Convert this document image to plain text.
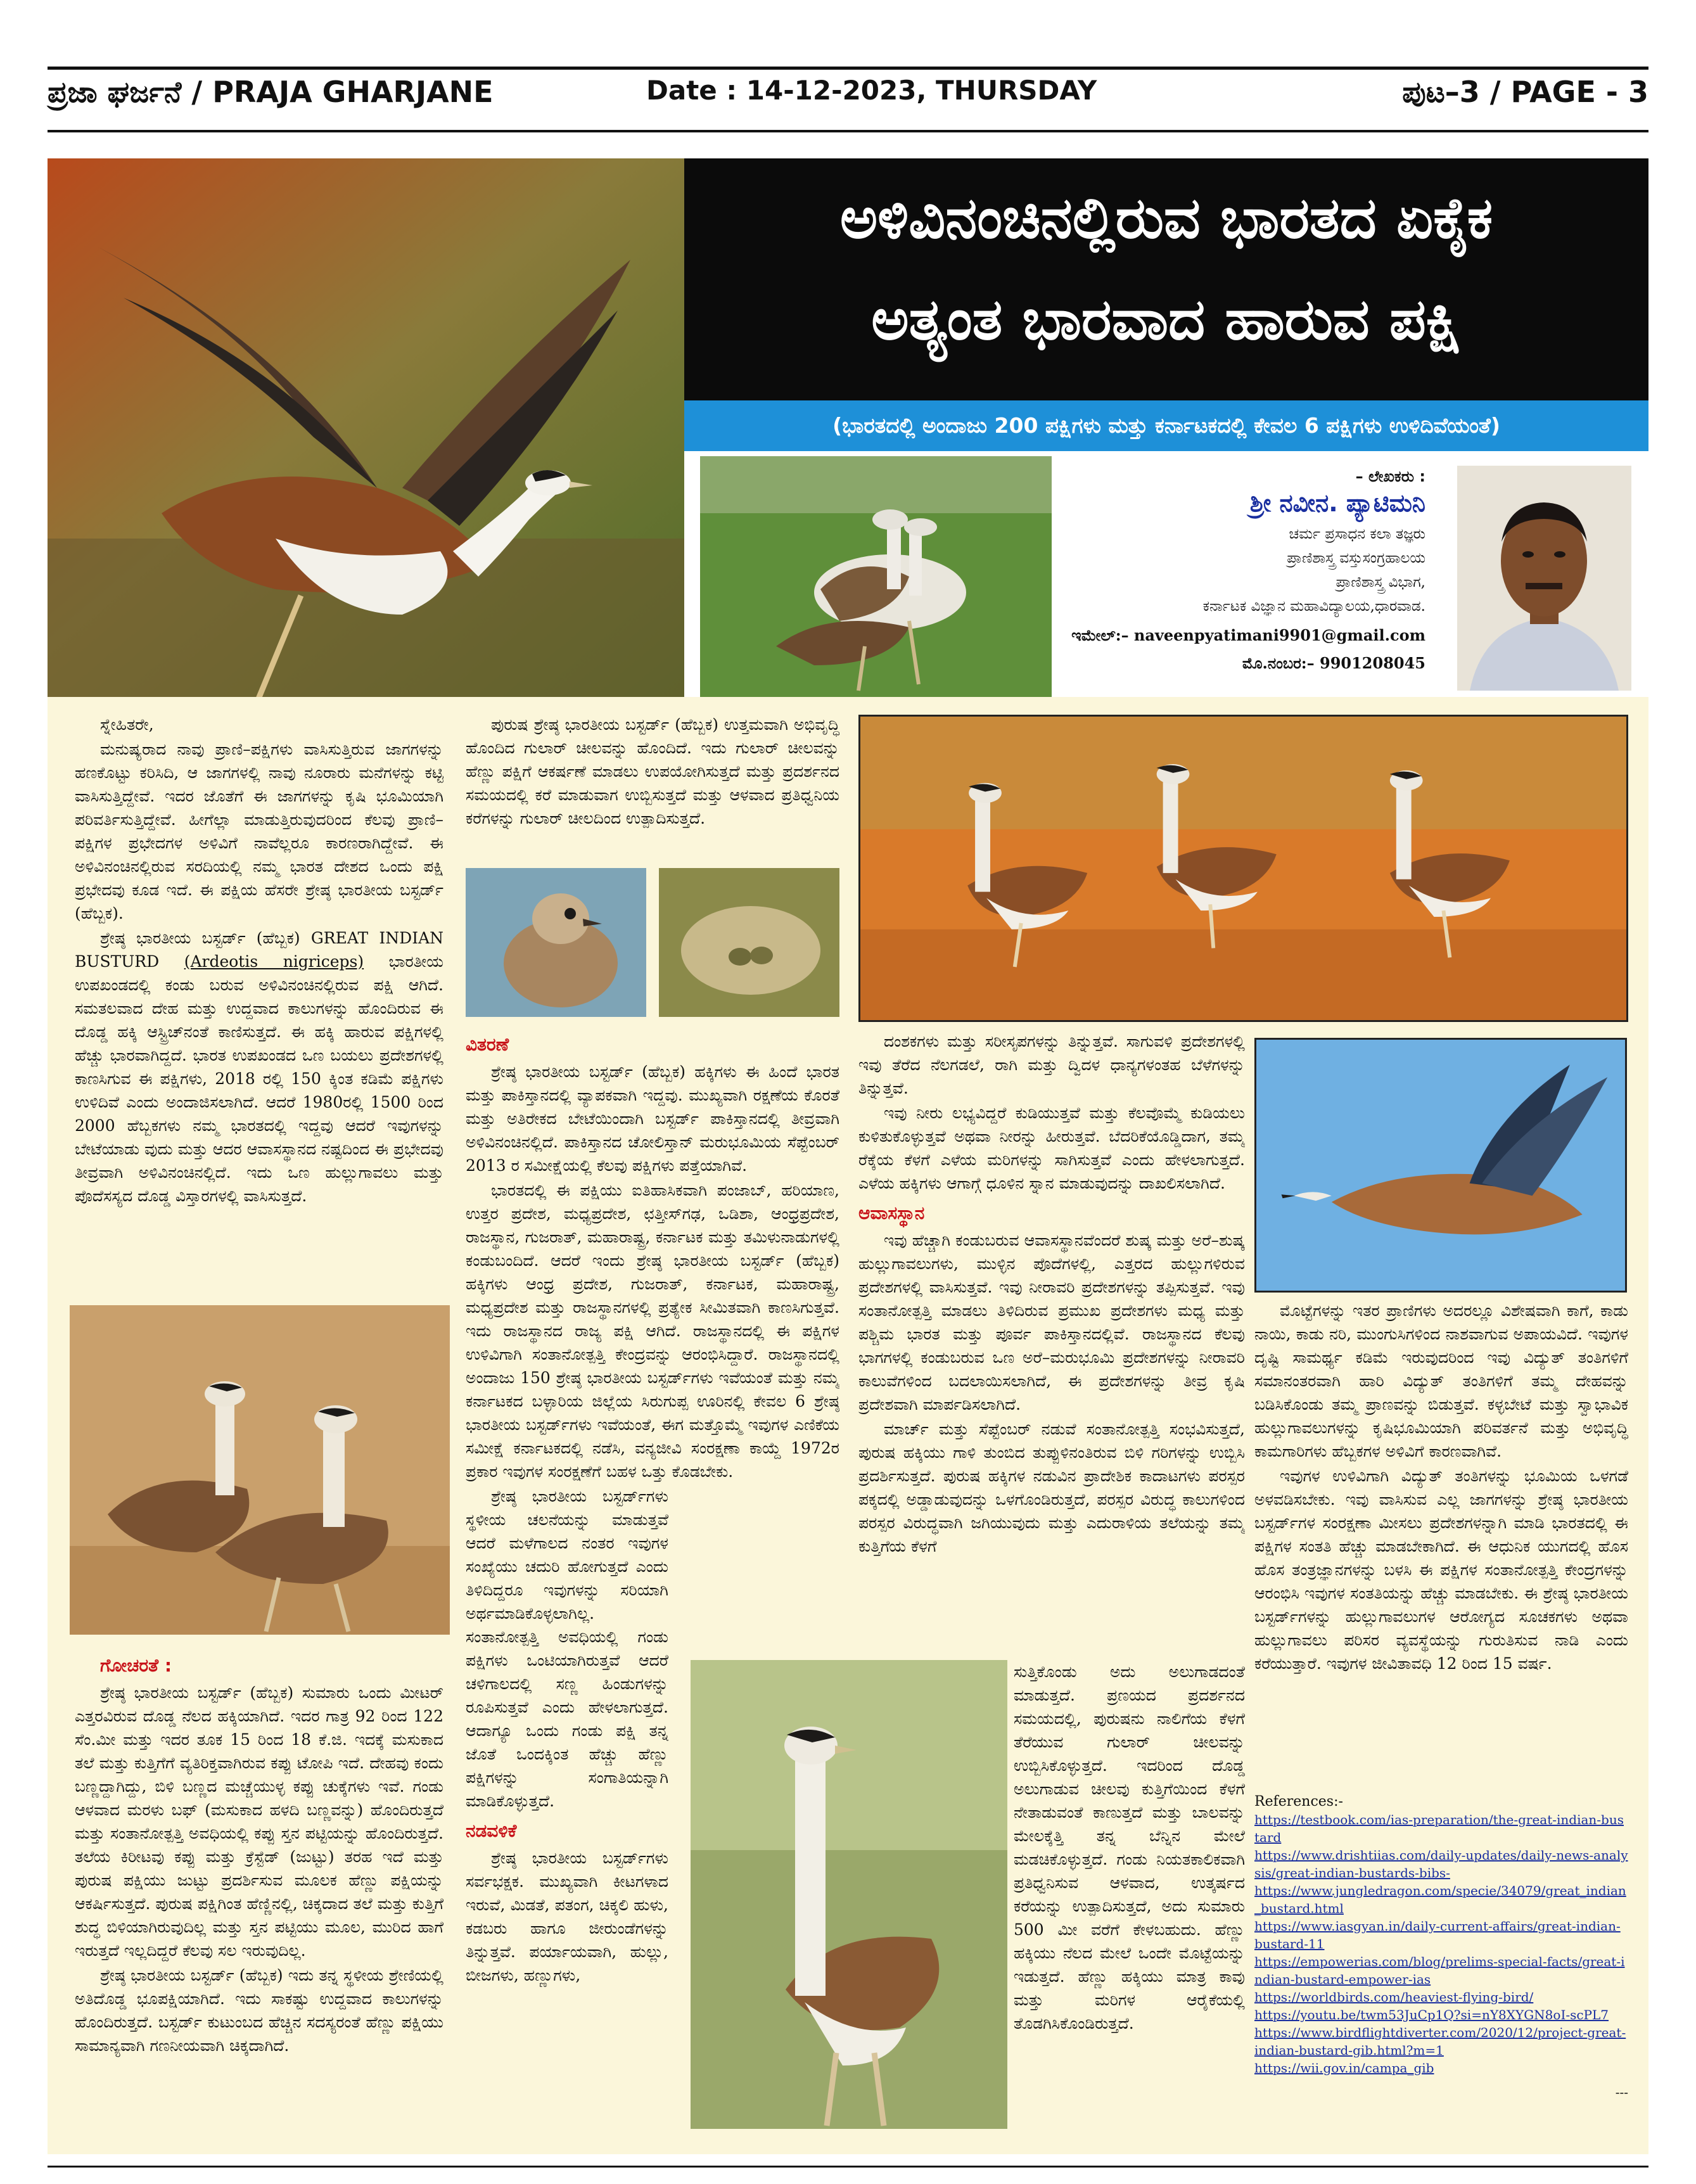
ಪ್ರಜಾ ಘರ್ಜನೆ / PRAJA GHARJANE	Date : 14-12-2023, THURSDAY	ಪುಟ–3 / PAGE - 3
ಅಳಿವಿನಂಚಿನಲ್ಲಿರುವ ಭಾರತದ ಏಕೈಕ
ಅತ್ಯಂತ ಭಾರವಾದ ಹಾರುವ ಪಕ್ಷಿ
(ಭಾರತದಲ್ಲಿ ಅಂದಾಜು 200 ಪಕ್ಷಿಗಳು ಮತ್ತು ಕರ್ನಾಟಕದಲ್ಲಿ ಕೇವಲ 6 ಪಕ್ಷಿಗಳು ಉಳಿದಿವೆಯಂತೆ)
– ಲೇಖಕರು :
ಶ್ರೀ ನವೀನ. ಪ್ಯಾಟಿಮನಿ
ಚರ್ಮ ಪ್ರಸಾಧನ ಕಲಾ ತಜ್ಞರು
ಪ್ರಾಣಿಶಾಸ್ತ್ರ ವಸ್ತುಸಂಗ್ರಹಾಲಯ
ಪ್ರಾಣಿಶಾಸ್ತ್ರ ವಿಭಾಗ,
ಕರ್ನಾಟಕ ವಿಜ್ಞಾನ ಮಹಾವಿದ್ಯಾಲಯ,ಧಾರವಾಡ.
ಇಮೇಲ್:– naveenpyatimani9901@gmail.com
ಮೊ.ನಂಬರ:– 9901208045

ಸ್ನೇಹಿತರೇ,

ಮನುಷ್ಯರಾದ ನಾವು ಪ್ರಾಣಿ–ಪಕ್ಷಿಗಳು ವಾಸಿಸುತ್ತಿರುವ ಜಾಗಗಳನ್ನು ಹಣಕೊಟ್ಟು ಕರಿಸಿದಿ, ಆ ಜಾಗಗಳಲ್ಲಿ ನಾವು ನೂರಾರು ಮನೆಗಳನ್ನು ಕಟ್ಟಿ ವಾಸಿಸುತ್ತಿದ್ದೇವೆ. ಇದರ ಜೊತೆಗೆ ಈ ಜಾಗಗಳನ್ನು ಕೃಷಿ ಭೂಮಿಯಾಗಿ ಪರಿವರ್ತಿಸುತ್ತಿದ್ದೇವೆ. ಹೀಗೆಲ್ಲಾ ಮಾಡುತ್ತಿರುವುದರಿಂದ ಕೆಲವು ಪ್ರಾಣಿ–ಪಕ್ಷಿಗಳ ಪ್ರಭೇದಗಳ ಅಳಿವಿಗೆ ನಾವೆಲ್ಲರೂ ಕಾರಣರಾಗಿದ್ದೇವೆ. ಈ ಅಳಿವಿನಂಚಿನಲ್ಲಿರುವ ಸರದಿಯಲ್ಲಿ ನಮ್ಮ ಭಾರತ ದೇಶದ ಒಂದು ಪಕ್ಷಿ ಪ್ರಭೇದವು ಕೂಡ ಇದೆ. ಈ ಪಕ್ಷಿಯ ಹೆಸರೇ ಶ್ರೇಷ್ಠ ಭಾರತೀಯ ಬಸ್ಟರ್ಡ್ (ಹೆಬ್ಬಕ).

ಶ್ರೇಷ್ಠ ಭಾರತೀಯ ಬಸ್ಟರ್ಡ್ (ಹೆಬ್ಬಕ) GREAT INDIAN BUSTURD (Ardeotis nigriceps) ಭಾರತೀಯ ಉಪಖಂಡದಲ್ಲಿ ಕಂಡು ಬರುವ ಅಳಿವಿನಂಚಿನಲ್ಲಿರುವ ಪಕ್ಷಿ ಆಗಿದೆ. ಸಮತಲವಾದ ದೇಹ ಮತ್ತು ಉದ್ದವಾದ ಕಾಲುಗಳನ್ನು ಹೊಂದಿರುವ ಈ ದೊಡ್ಡ ಹಕ್ಕಿ ಆಸ್ಟ್ರಿಚ್‌ನಂತೆ ಕಾಣಿಸುತ್ತದೆ. ಈ ಹಕ್ಕಿ ಹಾರುವ ಪಕ್ಷಿಗಳಲ್ಲಿ ಹೆಚ್ಚು ಭಾರವಾಗಿದ್ದದೆ. ಭಾರತ ಉಪಖಂಡದ ಒಣ ಬಯಲು ಪ್ರದೇಶಗಳಲ್ಲಿ ಕಾಣಸಿಗುವ ಈ ಪಕ್ಷಿಗಳು, 2018 ರಲ್ಲಿ 150 ಕ್ಕಿಂತ ಕಡಿಮೆ ಪಕ್ಷಿಗಳು ಉಳಿದಿವೆ ಎಂದು ಅಂದಾಜಿಸಲಾಗಿದೆ. ಆದರೆ 1980ರಲ್ಲಿ 1500 ರಿಂದ 2000 ಹೆಬ್ಬಕಗಳು ನಮ್ಮ ಭಾರತದಲ್ಲಿ ಇದ್ದವು ಆದರೆ ಇವುಗಳನ್ನು ಬೇಟೆಯಾಡು ವುದು ಮತ್ತು ಆದರ ಆವಾಸಸ್ಥಾನದ ನಷ್ಟದಿಂದ ಈ ಪ್ರಭೇದವು ತೀವ್ರವಾಗಿ ಅಳಿವಿನಂಚಿನಲ್ಲಿದೆ. ಇದು ಒಣ ಹುಲ್ಲುಗಾವಲು ಮತ್ತು ಪೊದೆಸಸ್ಯದ ದೊಡ್ಡ ವಿಸ್ತಾರಗಳಲ್ಲಿ ವಾಸಿಸುತ್ತದೆ.

ಗೋಚರತೆ :

ಶ್ರೇಷ್ಠ ಭಾರತೀಯ ಬಸ್ಟರ್ಡ್ (ಹೆಬ್ಬಕ) ಸುಮಾರು ಒಂದು ಮೀಟರ್ ಎತ್ತರವಿರುವ ದೊಡ್ಡ ನೆಲದ ಹಕ್ಕಿಯಾಗಿದೆ. ಇದರ ಗಾತ್ರ 92 ರಿಂದ 122 ಸೆಂ.ಮೀ ಮತ್ತು ಇದರ ತೂಕ 15 ರಿಂದ 18 ಕೆ.ಜಿ. ಇದಕ್ಕೆ ಮಸುಕಾದ ತಲೆ ಮತ್ತು ಕುತ್ತಿಗೆಗೆ ವ್ಯತಿರಿಕ್ತವಾಗಿರುವ ಕಪ್ಪು ಟೋಪಿ ಇದೆ. ದೇಹವು ಕಂದು ಬಣ್ಣದ್ದಾಗಿದ್ದು, ಬಿಳಿ ಬಣ್ಣದ ಮಚ್ಚೆಯುಳ್ಳ ಕಪ್ಪು ಚುಕ್ಕೆಗಳು ಇವೆ. ಗಂಡು ಆಳವಾದ ಮರಳು ಬಫ್ (ಮಸುಕಾದ ಹಳದಿ ಬಣ್ಣವನ್ನು) ಹೊಂದಿರುತ್ತದೆ ಮತ್ತು ಸಂತಾನೋತ್ಪತ್ತಿ ಅವಧಿಯಲ್ಲಿ ಕಪ್ಪು ಸ್ತನ ಪಟ್ಟಿಯನ್ನು ಹೊಂದಿರುತ್ತದೆ. ತಲೆಯ ಕಿರೀಟವು ಕಪ್ಪು ಮತ್ತು ಕ್ರೆಸ್ಟೆಡ್ (ಜುಟ್ಟು) ತರಹ ಇದೆ ಮತ್ತು ಪುರುಷ ಪಕ್ಷಿಯು ಜುಟ್ಟು ಪ್ರದರ್ಶಿಸುವ ಮೂಲಕ ಹೆಣ್ಣು ಪಕ್ಷಿಯನ್ನು ಆಕರ್ಷಿಸುತ್ತದೆ. ಪುರುಷ ಪಕ್ಷಿಗಿಂತ ಹೆಣ್ಣಿನಲ್ಲಿ, ಚಿಕ್ಕದಾದ ತಲೆ ಮತ್ತು ಕುತ್ತಿಗೆ ಶುದ್ಧ ಬಿಳಿಯಾಗಿರುವುದಿಲ್ಲ ಮತ್ತು ಸ್ತನ ಪಟ್ಟಿಯು ಮೂಲ, ಮುರಿದ ಹಾಗೆ ಇರುತ್ತದೆ ಇಲ್ಲದಿದ್ದರೆ ಕೆಲವು ಸಲ ಇರುವುದಿಲ್ಲ.

ಶ್ರೇಷ್ಠ ಭಾರತೀಯ ಬಸ್ಟರ್ಡ್ (ಹೆಬ್ಬಕ) ಇದು ತನ್ನ ಸ್ಥಳೀಯ ಶ್ರೇಣಿಯಲ್ಲಿ ಅತಿದೊಡ್ಡ ಭೂಪಕ್ಷಿಯಾಗಿದೆ. ಇದು ಸಾಕಷ್ಟು ಉದ್ದವಾದ ಕಾಲುಗಳನ್ನು ಹೊಂದಿರುತ್ತದೆ. ಬಸ್ಟರ್ಡ್ ಕುಟುಂಬದ ಹೆಚ್ಚಿನ ಸದಸ್ಯರಂತೆ ಹೆಣ್ಣು ಪಕ್ಷಿಯು ಸಾಮಾನ್ಯವಾಗಿ ಗಣನೀಯವಾಗಿ ಚಿಕ್ಕದಾಗಿದೆ.

ಪುರುಷ ಶ್ರೇಷ್ಠ ಭಾರತೀಯ ಬಸ್ಟರ್ಡ್ (ಹೆಬ್ಬಕ) ಉತ್ತಮವಾಗಿ ಅಭಿವೃದ್ಧಿ ಹೊಂದಿದ ಗುಲಾರ್ ಚೀಲವನ್ನು ಹೊಂದಿದೆ. ಇದು ಗುಲಾರ್ ಚೀಲವನ್ನು ಹೆಣ್ಣು ಪಕ್ಷಿಗೆ ಆಕರ್ಷಣೆ ಮಾಡಲು ಉಪಯೋಗಿಸುತ್ತದೆ ಮತ್ತು ಪ್ರದರ್ಶನದ ಸಮಯದಲ್ಲಿ ಕರೆ ಮಾಡುವಾಗ ಉಬ್ಬಿಸುತ್ತದೆ ಮತ್ತು ಆಳವಾದ ಪ್ರತಿಧ್ವನಿಯ ಕರೆಗಳನ್ನು ಗುಲಾರ್ ಚೀಲದಿಂದ ಉತ್ಪಾದಿಸುತ್ತದೆ.

ವಿತರಣೆ

ಶ್ರೇಷ್ಠ ಭಾರತೀಯ ಬಸ್ಟರ್ಡ್ (ಹೆಬ್ಬಕ) ಹಕ್ಕಿಗಳು ಈ ಹಿಂದೆ ಭಾರತ ಮತ್ತು ಪಾಕಿಸ್ತಾನದಲ್ಲಿ ವ್ಯಾಪಕವಾಗಿ ಇದ್ದವು. ಮುಖ್ಯವಾಗಿ ರಕ್ಷಣೆಯ ಕೊರತೆ ಮತ್ತು ಅತಿರೇಕದ ಬೇಟೆಯಿಂದಾಗಿ ಬಸ್ಟರ್ಡ್ ಪಾಕಿಸ್ತಾನದಲ್ಲಿ ತೀವ್ರವಾಗಿ ಅಳಿವಿನಂಚಿನಲ್ಲಿದೆ. ಪಾಕಿಸ್ತಾನದ ಚೋಲಿಸ್ತಾನ್ ಮರುಭೂಮಿಯ ಸೆಪ್ಟೆಂಬರ್ 2013 ರ ಸಮೀಕ್ಷೆಯಲ್ಲಿ ಕೆಲವು ಪಕ್ಷಿಗಳು ಪತ್ತೆಯಾಗಿವೆ.

ಭಾರತದಲ್ಲಿ ಈ ಪಕ್ಷಿಯು ಐತಿಹಾಸಿಕವಾಗಿ ಪಂಜಾಬ್, ಹರಿಯಾಣ, ಉತ್ತರ ಪ್ರದೇಶ, ಮಧ್ಯಪ್ರದೇಶ, ಛತ್ತೀಸ್‌ಗಢ, ಒಡಿಶಾ, ಆಂಧ್ರಪ್ರದೇಶ, ರಾಜಸ್ಥಾನ, ಗುಜರಾತ್, ಮಹಾರಾಷ್ಟ್ರ, ಕರ್ನಾಟಕ ಮತ್ತು ತಮಿಳುನಾಡುಗಳಲ್ಲಿ ಕಂಡುಬಂದಿದೆ. ಆದರೆ ಇಂದು ಶ್ರೇಷ್ಠ ಭಾರತೀಯ ಬಸ್ಟರ್ಡ್ (ಹೆಬ್ಬಕ) ಹಕ್ಕಿಗಳು ಆಂಧ್ರ ಪ್ರದೇಶ, ಗುಜರಾತ್, ಕರ್ನಾಟಕ, ಮಹಾರಾಷ್ಟ್ರ, ಮಧ್ಯಪ್ರದೇಶ ಮತ್ತು ರಾಜಸ್ಥಾನಗಳಲ್ಲಿ ಪ್ರತ್ಯೇಕ ಸೀಮಿತವಾಗಿ ಕಾಣಸಿಗುತ್ತವೆ. ಇದು ರಾಜಸ್ಥಾನದ ರಾಜ್ಯ ಪಕ್ಷಿ ಆಗಿದೆ. ರಾಜಸ್ಥಾನದಲ್ಲಿ ಈ ಪಕ್ಷಿಗಳ ಉಳಿವಿಗಾಗಿ ಸಂತಾನೋತ್ಪತ್ತಿ ಕೇಂದ್ರವನ್ನು ಆರಂಭಿಸಿದ್ದಾರೆ. ರಾಜಸ್ಥಾನದಲ್ಲಿ ಅಂದಾಜು 150 ಶ್ರೇಷ್ಠ ಭಾರತೀಯ ಬಸ್ಟರ್ಡ್‌ಗಳು ಇವೆಯಂತೆ ಮತ್ತು ನಮ್ಮ ಕರ್ನಾಟಕದ ಬಳ್ಳಾರಿಯ ಜಿಲ್ಲೆಯ ಸಿರುಗುಪ್ಪ ಊರಿನಲ್ಲಿ ಕೇವಲ 6 ಶ್ರೇಷ್ಠ ಭಾರತೀಯ ಬಸ್ಟರ್ಡ್‌ಗಳು ಇವೆಯಂತೆ, ಈಗ ಮತ್ತೊಮ್ಮೆ ಇವುಗಳ ಎಣಿಕೆಯ ಸಮೀಕ್ಷೆ ಕರ್ನಾಟಕದಲ್ಲಿ ನಡೆಸಿ, ವನ್ಯಜೀವಿ ಸಂರಕ್ಷಣಾ ಕಾಯ್ದೆ 1972ರ ಪ್ರಕಾರ ಇವುಗಳ ಸಂರಕ್ಷಣೆಗೆ ಬಹಳ ಒತ್ತು ಕೊಡಬೇಕು.

ಶ್ರೇಷ್ಠ ಭಾರತೀಯ ಬಸ್ಟರ್ಡ್‌ಗಳು ಸ್ಥಳೀಯ ಚಲನೆಯನ್ನು ಮಾಡುತ್ತವೆ ಆದರೆ ಮಳೆಗಾಲದ ನಂತರ ಇವುಗಳ ಸಂಖ್ಯೆಯು ಚದುರಿ ಹೋಗುತ್ತದೆ ಎಂದು ತಿಳಿದಿದ್ದರೂ ಇವುಗಳನ್ನು ಸರಿಯಾಗಿ ಅರ್ಥಮಾಡಿಕೊಳ್ಳಲಾಗಿಲ್ಲ. ಸಂತಾನೋತ್ಪತ್ತಿ ಅವಧಿಯಲ್ಲಿ ಗಂಡು ಪಕ್ಷಿಗಳು ಒಂಟಿಯಾಗಿರುತ್ತವೆ ಆದರೆ ಚಳಿಗಾಲದಲ್ಲಿ ಸಣ್ಣ ಹಿಂಡುಗಳನ್ನು ರೂಪಿಸುತ್ತವೆ ಎಂದು ಹೇಳಲಾಗುತ್ತದೆ. ಆದಾಗ್ಯೂ ಒಂದು ಗಂಡು ಪಕ್ಷಿ ತನ್ನ ಜೊತೆ ಒಂದಕ್ಕಿಂತ ಹೆಚ್ಚು ಹೆಣ್ಣು ಪಕ್ಷಿಗಳನ್ನು ಸಂಗಾತಿಯನ್ನಾಗಿ ಮಾಡಿಕೊಳ್ಳುತ್ತದೆ.

ನಡವಳಿಕೆ

ಶ್ರೇಷ್ಠ ಭಾರತೀಯ ಬಸ್ಟರ್ಡ್‌ಗಳು ಸರ್ವಭಕ್ಷಕ. ಮುಖ್ಯವಾಗಿ ಕೀಟಗಳಾದ ಇರುವೆ, ಮಿಡತೆ, ಪತಂಗ, ಚಿಕ್ಕಲಿ ಹುಳು, ಕಡಬರು ಹಾಗೂ ಜೀರುಂಡೆಗಳನ್ನು ತಿನ್ನುತ್ತವೆ. ಪರ್ಯಾಯವಾಗಿ, ಹುಲ್ಲು, ಬೀಜಗಳು, ಹಣ್ಣುಗಳು,

ದಂಶಕಗಳು ಮತ್ತು ಸರೀಸೃಪಗಳನ್ನು ತಿನ್ನುತ್ತವೆ. ಸಾಗುವಳಿ ಪ್ರದೇಶಗಳಲ್ಲಿ ಇವು ತೆರೆದ ನೆಲಗಡಲೆ, ರಾಗಿ ಮತ್ತು ದ್ವಿದಳ ಧಾನ್ಯಗಳಂತಹ ಬೆಳೆಗಳನ್ನು ತಿನ್ನುತ್ತವೆ.

ಇವು ನೀರು ಲಭ್ಯವಿದ್ದರೆ ಕುಡಿಯುತ್ತವೆ ಮತ್ತು ಕೆಲವೊಮ್ಮೆ ಕುಡಿಯಲು ಕುಳಿತುಕೊಳ್ಳುತ್ತವೆ ಅಥವಾ ನೀರನ್ನು ಹೀರುತ್ತವೆ. ಬೆದರಿಕೆಯೊಡ್ಡಿದಾಗ, ತಮ್ಮ ರೆಕ್ಕೆಯ ಕೆಳಗೆ ಎಳೆಯ ಮರಿಗಳನ್ನು ಸಾಗಿಸುತ್ತವೆ ಎಂದು ಹೇಳಲಾಗುತ್ತದೆ. ಎಳೆಯ ಹಕ್ಕಿಗಳು ಆಗಾಗ್ಗೆ ಧೂಳಿನ ಸ್ನಾನ ಮಾಡುವುದನ್ನು ದಾಖಲಿಸಲಾಗಿದೆ.

ಆವಾಸಸ್ಥಾನ

ಇವು ಹೆಚ್ಚಾಗಿ ಕಂಡುಬರುವ ಆವಾಸಸ್ಥಾನವೆಂದರೆ ಶುಷ್ಕ ಮತ್ತು ಅರೆ–ಶುಷ್ಕ ಹುಲ್ಲುಗಾವಲುಗಳು, ಮುಳ್ಳಿನ ಪೊದೆಗಳಲ್ಲಿ, ಎತ್ತರದ ಹುಲ್ಲುಗಳಿರುವ ಪ್ರದೇಶಗಳಲ್ಲಿ ವಾಸಿಸುತ್ತವೆ. ಇವು ನೀರಾವರಿ ಪ್ರದೇಶಗಳನ್ನು ತಪ್ಪಿಸುತ್ತವೆ. ಇವು ಸಂತಾನೋತ್ಪತ್ತಿ ಮಾಡಲು ತಿಳಿದಿರುವ ಪ್ರಮುಖ ಪ್ರದೇಶಗಳು ಮಧ್ಯ ಮತ್ತು ಪಶ್ಚಿಮ ಭಾರತ ಮತ್ತು ಪೂರ್ವ ಪಾಕಿಸ್ತಾನದಲ್ಲಿವೆ. ರಾಜಸ್ಥಾನದ ಕೆಲವು ಭಾಗಗಳಲ್ಲಿ ಕಂಡುಬರುವ ಒಣ ಅರೆ–ಮರುಭೂಮಿ ಪ್ರದೇಶಗಳನ್ನು ನೀರಾವರಿ ಕಾಲುವೆಗಳಿಂದ ಬದಲಾಯಿಸಲಾಗಿದೆ, ಈ ಪ್ರದೇಶಗಳನ್ನು ತೀವ್ರ ಕೃಷಿ ಪ್ರದೇಶವಾಗಿ ಮಾರ್ಪಡಿಸಲಾಗಿದೆ.

ಮಾರ್ಚ್ ಮತ್ತು ಸೆಪ್ಟೆಂಬರ್ ನಡುವೆ ಸಂತಾನೋತ್ಪತ್ತಿ ಸಂಭವಿಸುತ್ತದೆ, ಪುರುಷ ಹಕ್ಕಿಯು ಗಾಳಿ ತುಂಬಿದ ತುಪ್ಪುಳಿನಂತಿರುವ ಬಿಳಿ ಗರಿಗಳನ್ನು ಉಬ್ಬಿಸಿ ಪ್ರದರ್ಶಿಸುತ್ತದೆ. ಪುರುಷ ಹಕ್ಕಿಗಳ ನಡುವಿನ ಪ್ರಾದೇಶಿಕ ಕಾದಾಟಗಳು ಪರಸ್ಪರ ಪಕ್ಕದಲ್ಲಿ ಅಡ್ಡಾಡುವುದನ್ನು ಒಳಗೊಂಡಿರುತ್ತದೆ, ಪರಸ್ಪರ ವಿರುದ್ಧ ಕಾಲುಗಳಿಂದ ಪರಸ್ಪರ ವಿರುದ್ಧವಾಗಿ ಜಗಿಯುವುದು ಮತ್ತು ಎದುರಾಳಿಯ ತಲೆಯನ್ನು ತಮ್ಮ ಕುತ್ತಿಗೆಯ ಕೆಳಗೆ

ಸುತ್ತಿಕೊಂಡು ಅದು ಅಲುಗಾಡದಂತೆ ಮಾಡುತ್ತದೆ. ಪ್ರಣಯದ ಪ್ರದರ್ಶನದ ಸಮಯದಲ್ಲಿ, ಪುರುಷನು ನಾಲಿಗೆಯ ಕೆಳಗೆ ತೆರೆಯುವ ಗುಲಾರ್ ಚೀಲವನ್ನು ಉಬ್ಬಿಸಿಕೊಳ್ಳುತ್ತದೆ. ಇದರಿಂದ ದೊಡ್ಡ ಅಲುಗಾಡುವ ಚೀಲವು ಕುತ್ತಿಗೆಯಿಂದ ಕೆಳಗೆ ನೇತಾಡುವಂತೆ ಕಾಣುತ್ತದೆ ಮತ್ತು ಬಾಲವನ್ನು ಮೇಲಕ್ಕೆತ್ತಿ ತನ್ನ ಬೆನ್ನಿನ ಮೇಲೆ ಮಡಚಿಕೊಳ್ಳುತ್ತದೆ. ಗಂಡು ನಿಯತಕಾಲಿಕವಾಗಿ ಪ್ರತಿಧ್ವನಿಸುವ ಆಳವಾದ, ಉತ್ಕರ್ಷದ ಕರೆಯನ್ನು ಉತ್ಪಾದಿಸುತ್ತದೆ, ಅದು ಸುಮಾರು 500 ಮೀ ವರೆಗೆ ಕೇಳಬಹುದು. ಹೆಣ್ಣು ಹಕ್ಕಿಯು ನೆಲದ ಮೇಲೆ ಒಂದೇ ಮೊಟ್ಟೆಯನ್ನು ಇಡುತ್ತದೆ. ಹೆಣ್ಣು ಹಕ್ಕಿಯು ಮಾತ್ರ ಕಾವು ಮತ್ತು ಮರಿಗಳ ಆರೈಕೆಯಲ್ಲಿ ತೊಡಗಿಸಿಕೊಂಡಿರುತ್ತದೆ.

ಮೊಟ್ಟೆಗಳನ್ನು ಇತರ ಪ್ರಾಣಿಗಳು ಅದರಲ್ಲೂ ವಿಶೇಷವಾಗಿ ಕಾಗೆ, ಕಾಡು ನಾಯಿ, ಕಾಡು ನರಿ, ಮುಂಗುಸಿಗಳಿಂದ ನಾಶವಾಗುವ ಅಪಾಯವಿದೆ. ಇವುಗಳ ದೃಷ್ಟಿ ಸಾಮರ್ಥ್ಯ ಕಡಿಮೆ ಇರುವುದರಿಂದ ಇವು ವಿದ್ಯುತ್ ತಂತಿಗಳಿಗೆ ಸಮಾನಂತರವಾಗಿ ಹಾರಿ ವಿದ್ಯುತ್ ತಂತಿಗಳಿಗೆ ತಮ್ಮ ದೇಹವನ್ನು ಬಡಿಸಿಕೊಂಡು ತಮ್ಮ ಪ್ರಾಣವನ್ನು ಬಿಡುತ್ತವೆ. ಕಳ್ಳಬೇಟೆ ಮತ್ತು ಸ್ವಾಭಾವಿಕ ಹುಲ್ಲುಗಾವಲುಗಳನ್ನು ಕೃಷಿಭೂಮಿಯಾಗಿ ಪರಿವರ್ತನೆ ಮತ್ತು ಅಭಿವೃದ್ಧಿ ಕಾಮಗಾರಿಗಳು ಹೆಬ್ಬಕಗಳ ಅಳಿವಿಗೆ ಕಾರಣವಾಗಿವೆ.

ಇವುಗಳ ಉಳಿವಿಗಾಗಿ ವಿದ್ಯುತ್ ತಂತಿಗಳನ್ನು ಭೂಮಿಯ ಒಳಗಡೆ ಅಳವಡಿಸಬೇಕು. ಇವು ವಾಸಿಸುವ ಎಲ್ಲ ಜಾಗಗಳನ್ನು ಶ್ರೇಷ್ಠ ಭಾರತೀಯ ಬಸ್ಟರ್ಡ್‌ಗಳ ಸಂರಕ್ಷಣಾ ಮೀಸಲು ಪ್ರದೇಶಗಳನ್ನಾಗಿ ಮಾಡಿ ಭಾರತದಲ್ಲಿ ಈ ಪಕ್ಷಿಗಳ ಸಂತತಿ ಹೆಚ್ಚು ಮಾಡಬೇಕಾಗಿದೆ. ಈ ಆಧುನಿಕ ಯುಗದಲ್ಲಿ ಹೊಸ ಹೊಸ ತಂತ್ರಜ್ಞಾನಗಳನ್ನು ಬಳಸಿ ಈ ಪಕ್ಷಿಗಳ ಸಂತಾನೋತ್ಪತ್ತಿ ಕೇಂದ್ರಗಳನ್ನು ಆರಂಭಿಸಿ ಇವುಗಳ ಸಂತತಿಯನ್ನು ಹೆಚ್ಚು ಮಾಡಬೇಕು. ಈ ಶ್ರೇಷ್ಠ ಭಾರತೀಯ ಬಸ್ಟರ್ಡ್‌ಗಳನ್ನು ಹುಲ್ಲುಗಾವಲುಗಳ ಆರೋಗ್ಯದ ಸೂಚಕಗಳು ಅಥವಾ ಹುಲ್ಲುಗಾವಲು ಪರಿಸರ ವ್ಯವಸ್ಥೆಯನ್ನು ಗುರುತಿಸುವ ನಾಡಿ ಎಂದು ಕರೆಯುತ್ತಾರೆ. ಇವುಗಳ ಜೀವಿತಾವಧಿ 12 ರಿಂದ 15 ವರ್ಷ.

References:-
https://testbook.com/ias-preparation/the-great-indian-bustard
https://www.drishtiias.com/daily-updates/daily-news-analysis/great-indian-bustards-bibs-
https://www.jungledragon.com/specie/34079/great_indian_bustard.html
https://www.iasgyan.in/daily-current-affairs/great-indian-bustard-11
https://empowerias.com/blog/prelims-special-facts/great-indian-bustard-empower-ias
https://worldbirds.com/heaviest-flying-bird/
https://youtu.be/twm53JuCp1Q?si=nY8XYGN8oI-scPL7
https://www.birdflightdiverter.com/2020/12/project-great-indian-bustard-gib.html?m=1
https://wii.gov.in/campa_gib
---
